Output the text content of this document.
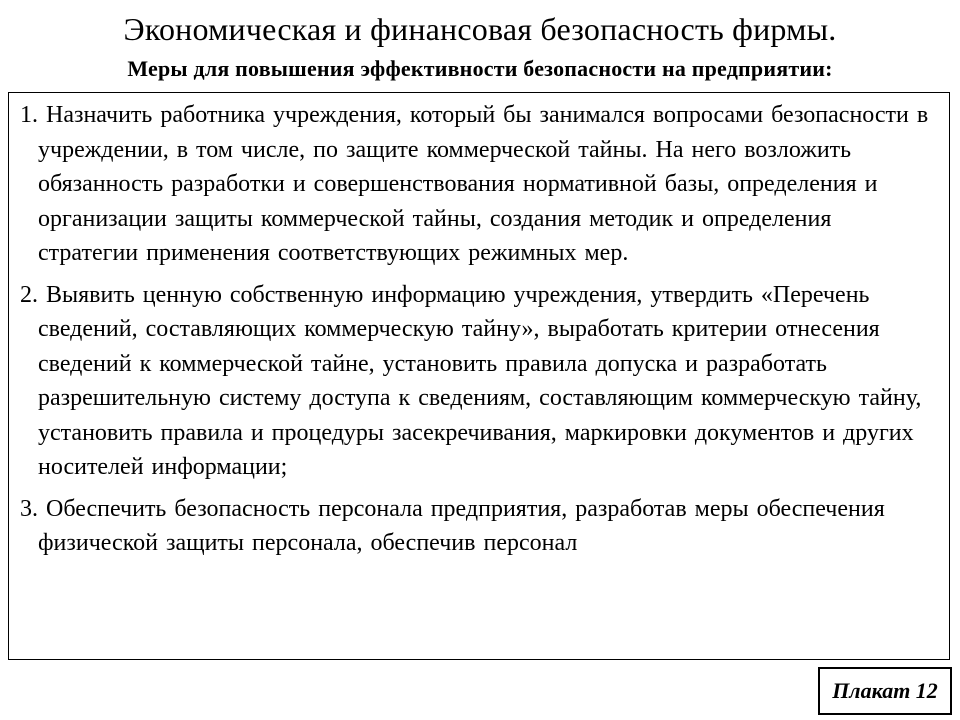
Экономическая и финансовая безопасность фирмы.
Меры для повышения эффективности безопасности на предприятии:
1. Назначить работника учреждения, который бы занимался вопросами безопасности в учреждении, в том числе, по защите коммерческой тайны. На него возложить обязанность разработки и совершенствования нормативной базы, определения и организации защиты коммерческой тайны, создания методик и определения стратегии применения соответствующих режимных мер.
2. Выявить ценную собственную информацию учреждения, утвердить «Перечень сведений, составляющих коммерческую тайну», выработать критерии отнесения сведений к коммерческой тайне, установить правила допуска и разработать разрешительную систему доступа к сведениям, составляющим коммерческую тайну, установить правила и процедуры засекречивания, маркировки документов и других носителей информации;
3. Обеспечить безопасность персонала предприятия, разработав меры обеспечения физической защиты персонала, обеспечив персонал
Плакат 12
